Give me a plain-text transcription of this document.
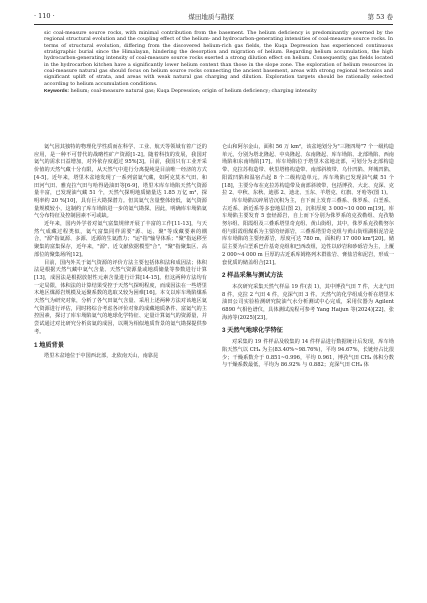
· 110 ·	煤田地质与勘探	第 53 卷

sic coal-measure source rocks, with minimal contribution from the basement. The helium deficiency is predominantly governed by the regional structural evolution and the coupling effect of the helium- and hydrocarbon-generating intensities of coal-measure source rocks. In terms of structural evolution, differing from the discovered helium-rich gas fields, the Kuqa Depression has experienced continuous stratigraphic burial since the Himalayan, hindering the desorption and migration of helium. Regarding helium accumulation, the high hydrocarbon-generating intensity of coal-measure source rocks exerted a strong dilution effect on helium. Consequently, gas fields located in the hydrocarbon kitchen have a significantly lower helium content than those in the slope zone. The exploration of helium resources in coal-measure natural gas should focus on helium source rocks connecting the ancient basement, areas with strong regional tectonics and significant uplift of strata, and areas with weak natural gas charging and dilution. Exploration targets should be rationally selected according to helium accumulation conditions.

Keywords: helium; coal-measure natural gas; Kuqa Depression; origin of helium deficiency; charging intensity

氦气因其独特的物理化学性质而在科学、工业、航天等领域有着广泛的应用，是一种不可替代的战略性矿产资源[1-2]。随着科技的发展，我国对氦气的需求日益增加，对外依存度超过 95%[3]。目前，我国只有工业开采价值的天然气藏十分有限，从天然气中进行分离提纯是目前唯一经济的方式[4-5]。近年来，塔里木盆地发现了一系列富氦气藏，如阿克莫木气田、和田河气田、雅克拉气田与哈得逊油田等[6-9]，塔里木库车坳陷天然气资源量丰富，已发现油气藏 51 个，天然气探明地质储量达 1.85 万亿 m³，探明率约 20 %[10]，具有巨大勘探潜力。但其氦气含量整体较低，氦气资源量规模较小，这制约了库车坳陷进一步的氦气勘探。因此，明确库车坳陷氦气分布特征及控制因素不可或缺。

近年来，国内外学者对氦气富集规律开展了丰富的工作[11-13]，与天然气成藏过程类似，氦气富集同样需要"源、运、聚"等成藏要素的耦合，"源"指氦源、多源、近源的生氦潜力；"运"指"输导体系；"聚"指运移至聚集的富集保存，近年来，"源"、近文献依据模型"合"，"聚"指聚集区、高部位的聚集场所[12]。

目前，国内外关于氦气资源的评价方法主要包括体积法和成因法；体积法是根据天然气藏中氦气含量、天然气资源量或地质储量等参数进行计算[13]，成因法是根据放射性元素含量进行计算[14-15]。但这两种方法均有一定局限，体积法的计算结果受控于天然气探明程度，而成因法在一些塔里木地区煤源岩规模及运聚系数的选取又较为困难[16]。本文以库车坳陷煤系天然气为研究对象，分析了各气田氦气含量、采用上述两种方法对该地区氦气资源进行评估，同时将综合考虑各评价对象的成藏地质条件、富氦气的主控因素，探讨了库车坳陷氦气的地球化学特征、定量计算氦气的资源量，并尝试通过对比研究分析贫氦的成因，以期为相似地质背景的氦气勘探提供参考。

1 地质背景

塔里木盆地位于中国西北部，北依南天山，南靠昆

仑山和阿尔金山，面积 56 万 km²，该盆地划分为"三隆四坳"7 个一级构造单元，分别为塔北隆起、中央隆起、东南隆起、库车坳陷、北部坳陷、西南坳陷和东南坳陷[17]。库车坳陷位于塔里木盆地北部，可划分为北部构造带、克拉苏构造带、秋里塔格构造带、南部斜坡带、乌什凹陷、拜城凹陷、阳霞凹陷和温宿凸起 8 个二级构造单元。库车坳陷已发现油气藏 51 个[18]，主要分布在克拉苏构造带及南部斜坡带，包括博孜、大北、克深、克拉 2、中秋、东秋、迪那 2、迪北、玉东、羊塔克、红旗、牙哈等(图 1)。

库车坳陷以碎屑岩沉积为主，自下而上发育三叠系、侏罗系、白垩系、古近系、新近系等多套地层(图 2)，沉积厚度 3 000~10 000 m[19]。库车坳陷主要发育 5 套烃源岩，自上而下分别为侏罗系的克孜勒组、克孜勒努尔组、阳霞组及三叠系塔里奇克组、黄山街组，其中，侏罗系克孜勒努尔组与阳霞组煤系为主要的烃源岩，三叠系塔里奇克组与黄山街组湖相泥岩是库车坳陷的主要烃源岩，厚度可达 780 m，面积约 17 000 km²[20]。储层主要为白垩系巴什基奇克组和巴西改组，边性以砂岩和砂砾岩为主，上覆 2 000~4 000 m 巨厚的古近系库姆格列木群盐岩、膏盐岩和泥岩，形成一套优质的储盖组合[21]。

2 样品采集与测试方法

本次研究采集天然气样品 19 件(表 1)，其中博孜气田 7 件，大北气田 8 件，克拉 2 气田 4 件，克深气田 3 件。天然气的化学组成分析在塔里木油田公司实验检测研究院油气水分析测试中心完成，采用仪器为 Agilent 6890 气相色谱仪，具体测试流程可参考 Yang Haijun 等(2024)[22]、张海涛等(2025)[23]。

3 天然气地球化学特征

对采集的 19 件样品及收集的 14 件样品进行数据统计后发现，库车坳陷天然气以 CH₄ 为主(83.40%~98.76%)，平均 94.67%，长链烃占比很少；干燥系数介于 0.851~0.996，平均 0.961，博孜气田 CH₄ 体积分数与干燥系数最低，平均为 86.92% 与 0.882；克深气田 CH₄ 体
